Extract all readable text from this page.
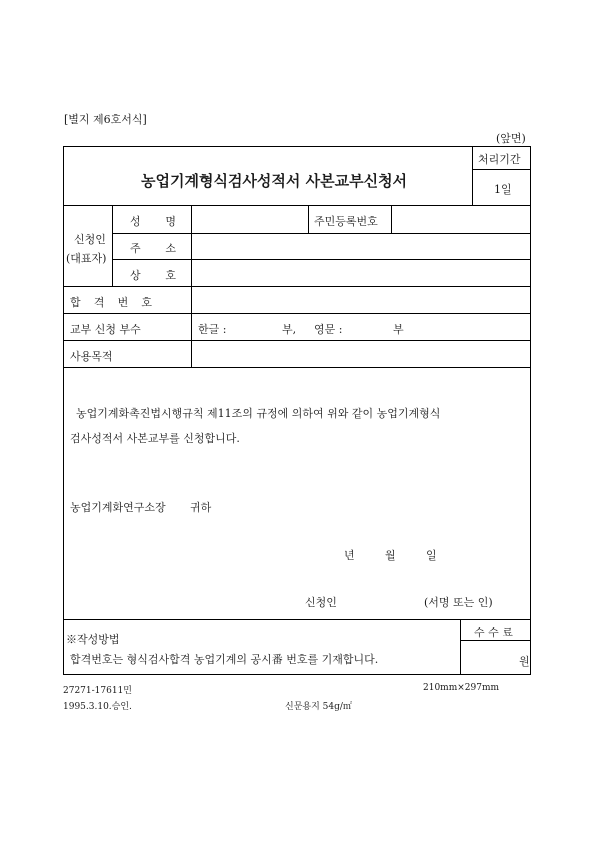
[별지 제6호서식]
(앞면)
농업기계형식검사성적서 사본교부신청서
처리기간
1일
신청인
(대표자)
성 명	주민등록번호
주 소
상 호
합 격 번 호
교부 신청 부수	한글 :	부, 영문 :	부
사용목적
농업기계화촉진법시행규칙 제11조의 규정에 의하여 위와 같이 농업기계형식
검사성적서 사본교부를 신청합니다.
농업기계화연구소장 귀하
년	월	일
신청인	(서명 또는 인)
※작성방법
합격번호는 형식검사합격 농업기계의 공시番 번호를 기재합니다.
수 수 료
원
27271-17611민
1995.3.10.승인.
210mm×297mm
신문용지 54g/㎡
